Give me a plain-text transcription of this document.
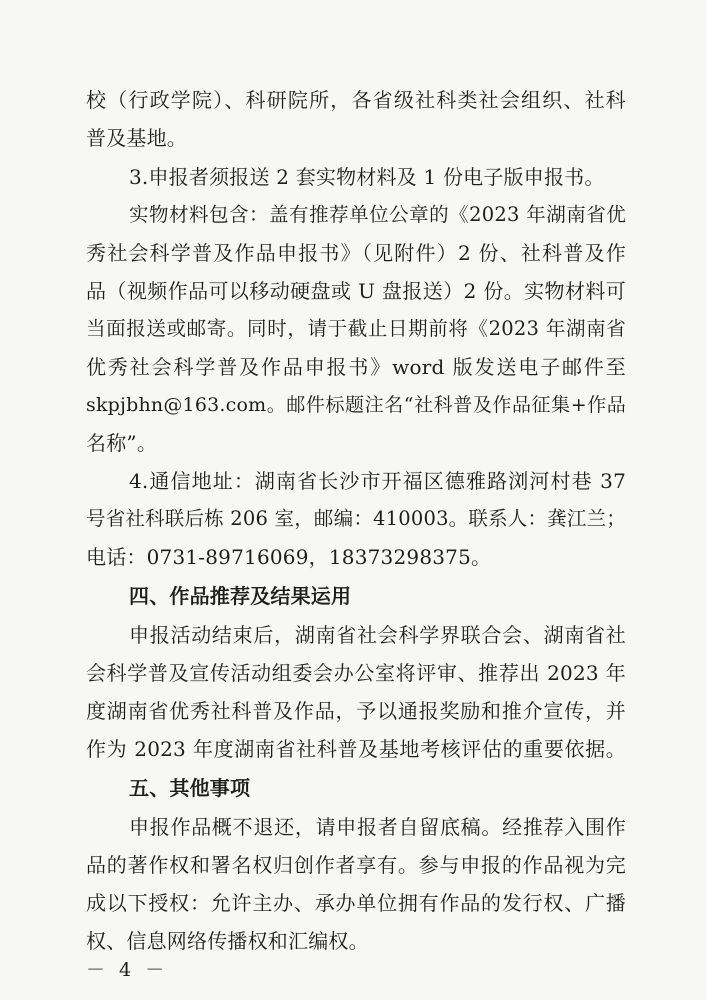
校（行政学院）、科研院所，各省级社科类社会组织、社科
普及基地。
3.申报者须报送 2 套实物材料及 1 份电子版申报书。
实物材料包含：盖有推荐单位公章的《2023 年湖南省优
秀社会科学普及作品申报书》（见附件）2 份、社科普及作
品（视频作品可以移动硬盘或 U 盘报送）2 份。实物材料可
当面报送或邮寄。同时，请于截止日期前将《2023 年湖南省
优秀社会科学普及作品申报书》word 版发送电子邮件至
skpjbhn@163.com。邮件标题注名“社科普及作品征集+作品
名称”。
4.通信地址：湖南省长沙市开福区德雅路浏河村巷 37
号省社科联后栋 206 室，邮编：410003。联系人：龚江兰；
电话：0731-89716069，18373298375。
四、作品推荐及结果运用
申报活动结束后，湖南省社会科学界联合会、湖南省社
会科学普及宣传活动组委会办公室将评审、推荐出 2023 年
度湖南省优秀社科普及作品，予以通报奖励和推介宣传，并
作为 2023 年度湖南省社科普及基地考核评估的重要依据。
五、其他事项
申报作品概不退还，请申报者自留底稿。经推荐入围作
品的著作权和署名权归创作者享有。参与申报的作品视为完
成以下授权：允许主办、承办单位拥有作品的发行权、广播
权、信息网络传播权和汇编权。
－ 4 －
